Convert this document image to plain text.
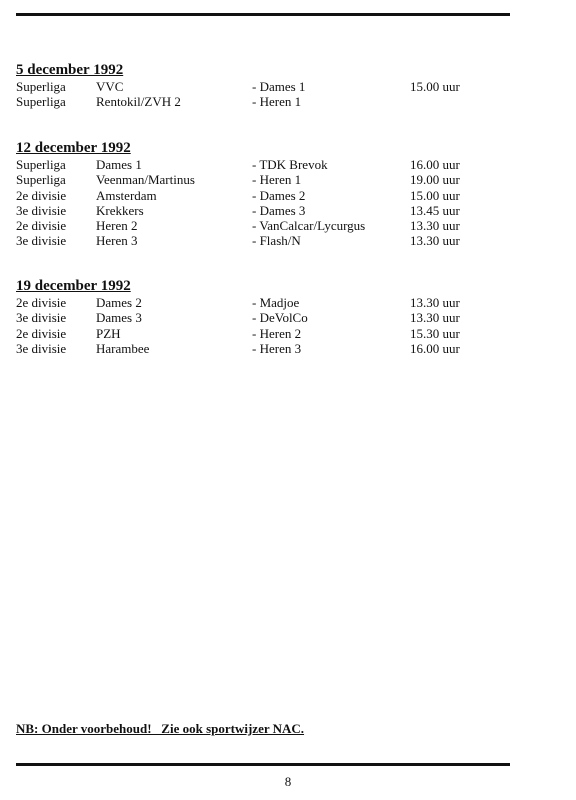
5 december 1992
Superliga VVC	- Dames 1	15.00 uur
Superliga Rentokil/ZVH 2	- Heren 1
12 december 1992
Superliga Dames 1	- TDK Brevok	16.00 uur
Superliga Veenman/Martinus	- Heren 1	19.00 uur
2e divisie Amsterdam	- Dames 2	15.00 uur
3e divisie Krekkers	- Dames 3	13.45 uur
2e divisie Heren 2	- VanCalcar/Lycurgus	13.30 uur
3e divisie Heren 3	- Flash/N	13.30 uur
19 december 1992
2e divisie Dames 2	- Madjoe	13.30 uur
3e divisie Dames 3	- DeVolCo	13.30 uur
2e divisie PZH	- Heren 2	15.30 uur
3e divisie Harambee	- Heren 3	16.00 uur
NB: Onder voorbehoud!   Zie ook sportwijzer NAC.
8
